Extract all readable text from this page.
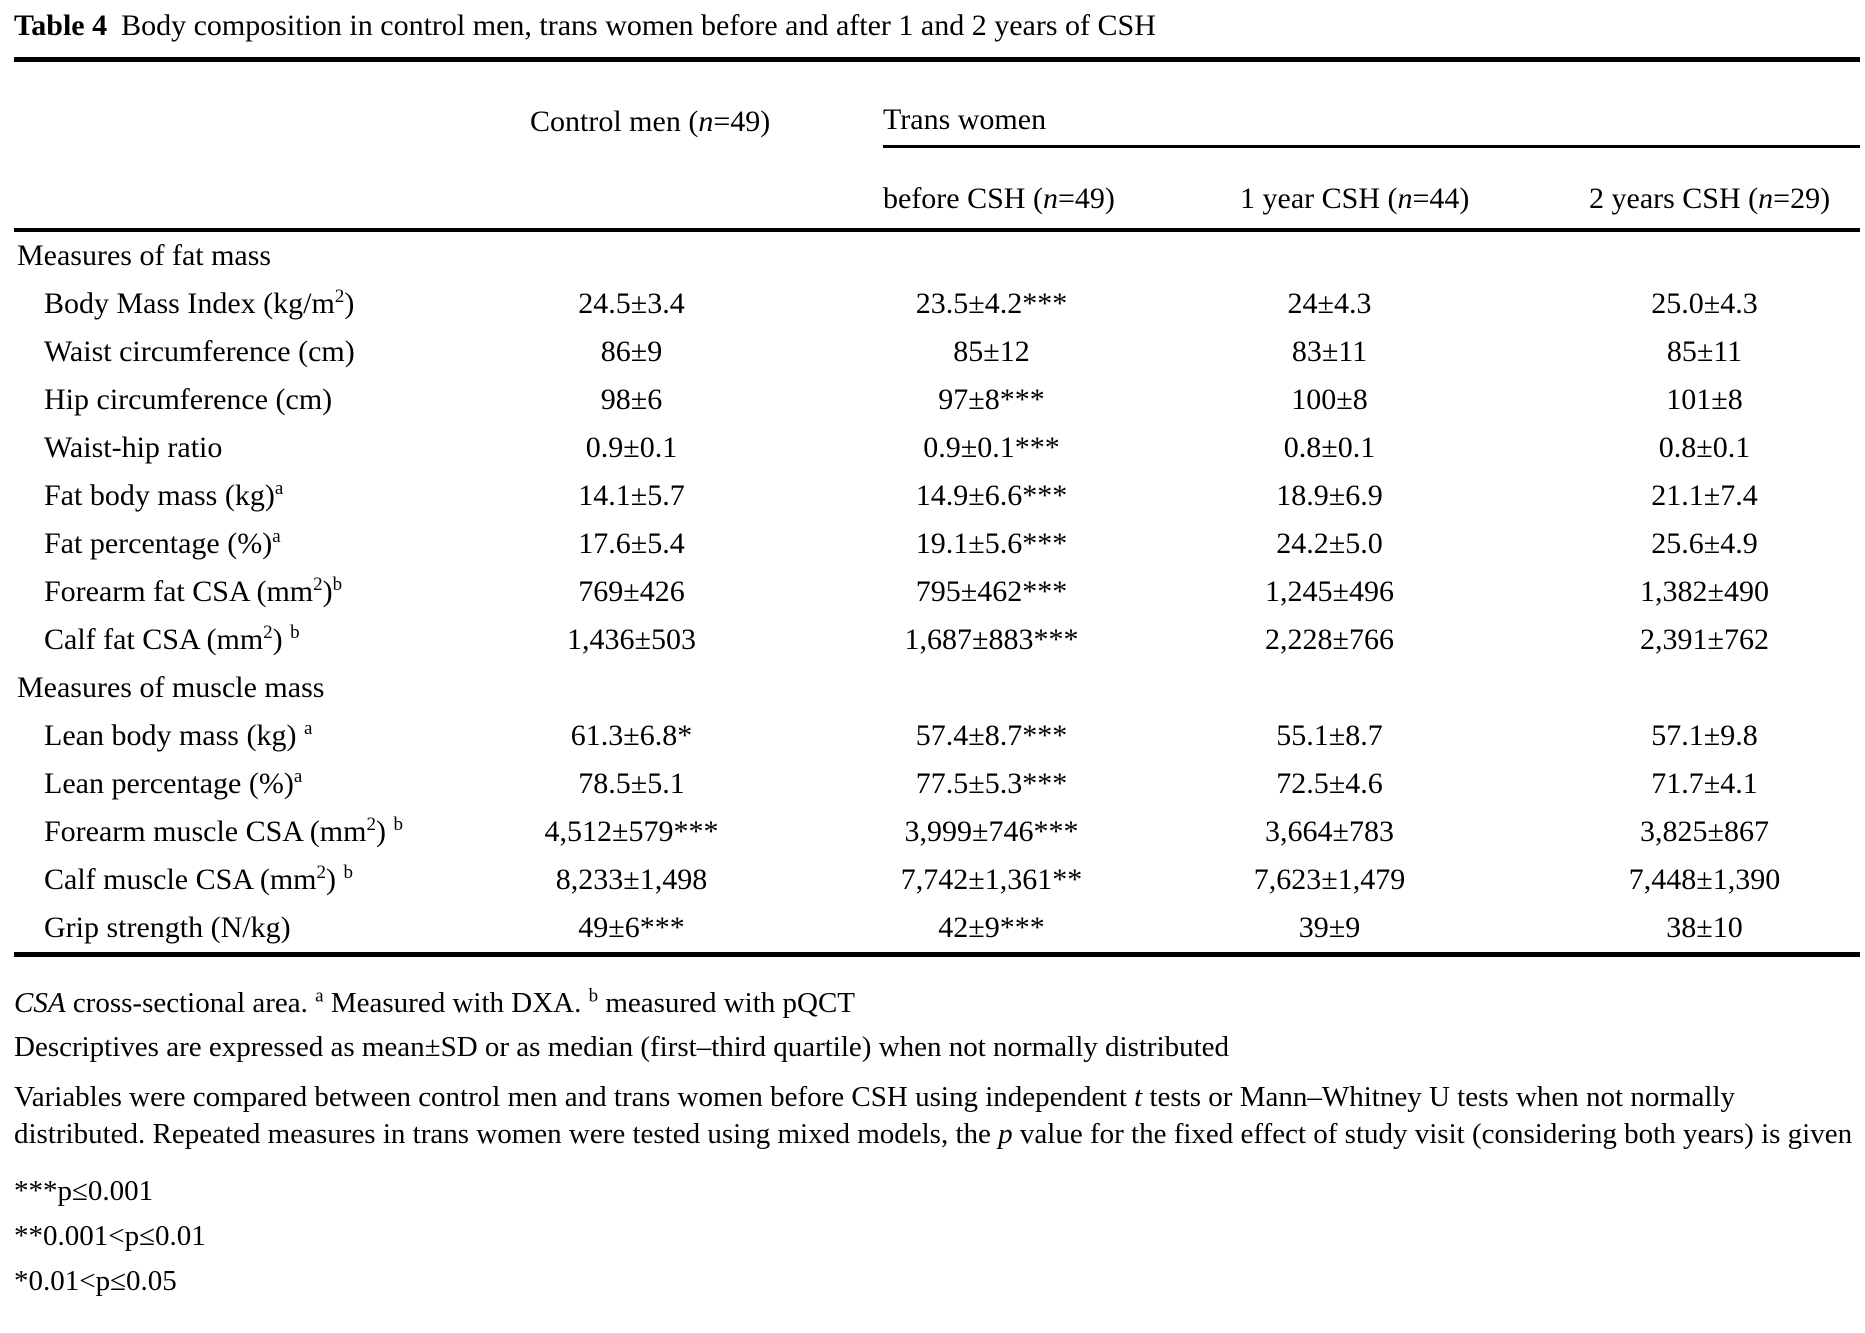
Table 4 Body composition in control men, trans women before and after 1 and 2 years of CSH
	Control men (n=49)	Trans women		
		before CSH (n=49)	1 year CSH (n=44)	2 years CSH (n=29)
Measures of fat mass				
Body Mass Index $(kg/m^2)$	24.5±3.4	23.5±4.2***	24±4.3	25.0±4.3
Waist circumference (cm)	86±9	85±12	83±11	85±11
Hip circumference (cm)	98±6	97±8***	100±8	101±8
Waist-hip ratio	0.9±0.1	0.9±0.1***	0.8±0.1	0.8±0.1
Fat body mass (kg)$^a$	14.1±5.7	14.9±6.6***	18.9±6.9	21.1±7.4
Fat percentage (%)$^a$	17.6±5.4	19.1±5.6***	24.2±5.0	25.6±4.9
Forearm fat CSA $(mm^2)^b$	769±426	795±462***	1,245±496	1,382±490
Calf fat CSA $(mm^2)$ $^b$	1,436±503	1,687±883***	2,228±766	2,391±762
Measures of muscle mass				
Lean body mass (kg) $^a$	61.3±6.8*	57.4±8.7***	55.1±8.7	57.1±9.8
Lean percentage (%)$^a$	78.5±5.1	77.5±5.3***	72.5±4.6	71.7±4.1
Forearm muscle CSA $(mm^2)$ $^b$	4,512±579***	3,999±746***	3,664±783	3,825±867
Calf muscle CSA $(mm^2)$ $^b$	8,233±1,498	7,742±1,361**	7,623±1,479	7,448±1,390
Grip strength (N/kg)	49±6***	42±9***	39±9	38±10

CSA cross-sectional area. $^a$ Measured with DXA. $^b$ measured with pQCT

Descriptives are expressed as mean±SD or as median (first–third quartile) when not normally distributed

Variables were compared between control men and trans women before CSH using independent t tests or Mann–Whitney U tests when not normally distributed. Repeated measures in trans women were tested using mixed models, the p value for the fixed effect of study visit (considering both years) is given

***p≤0.001

**0.001<p≤0.01

*0.01<p≤0.05
